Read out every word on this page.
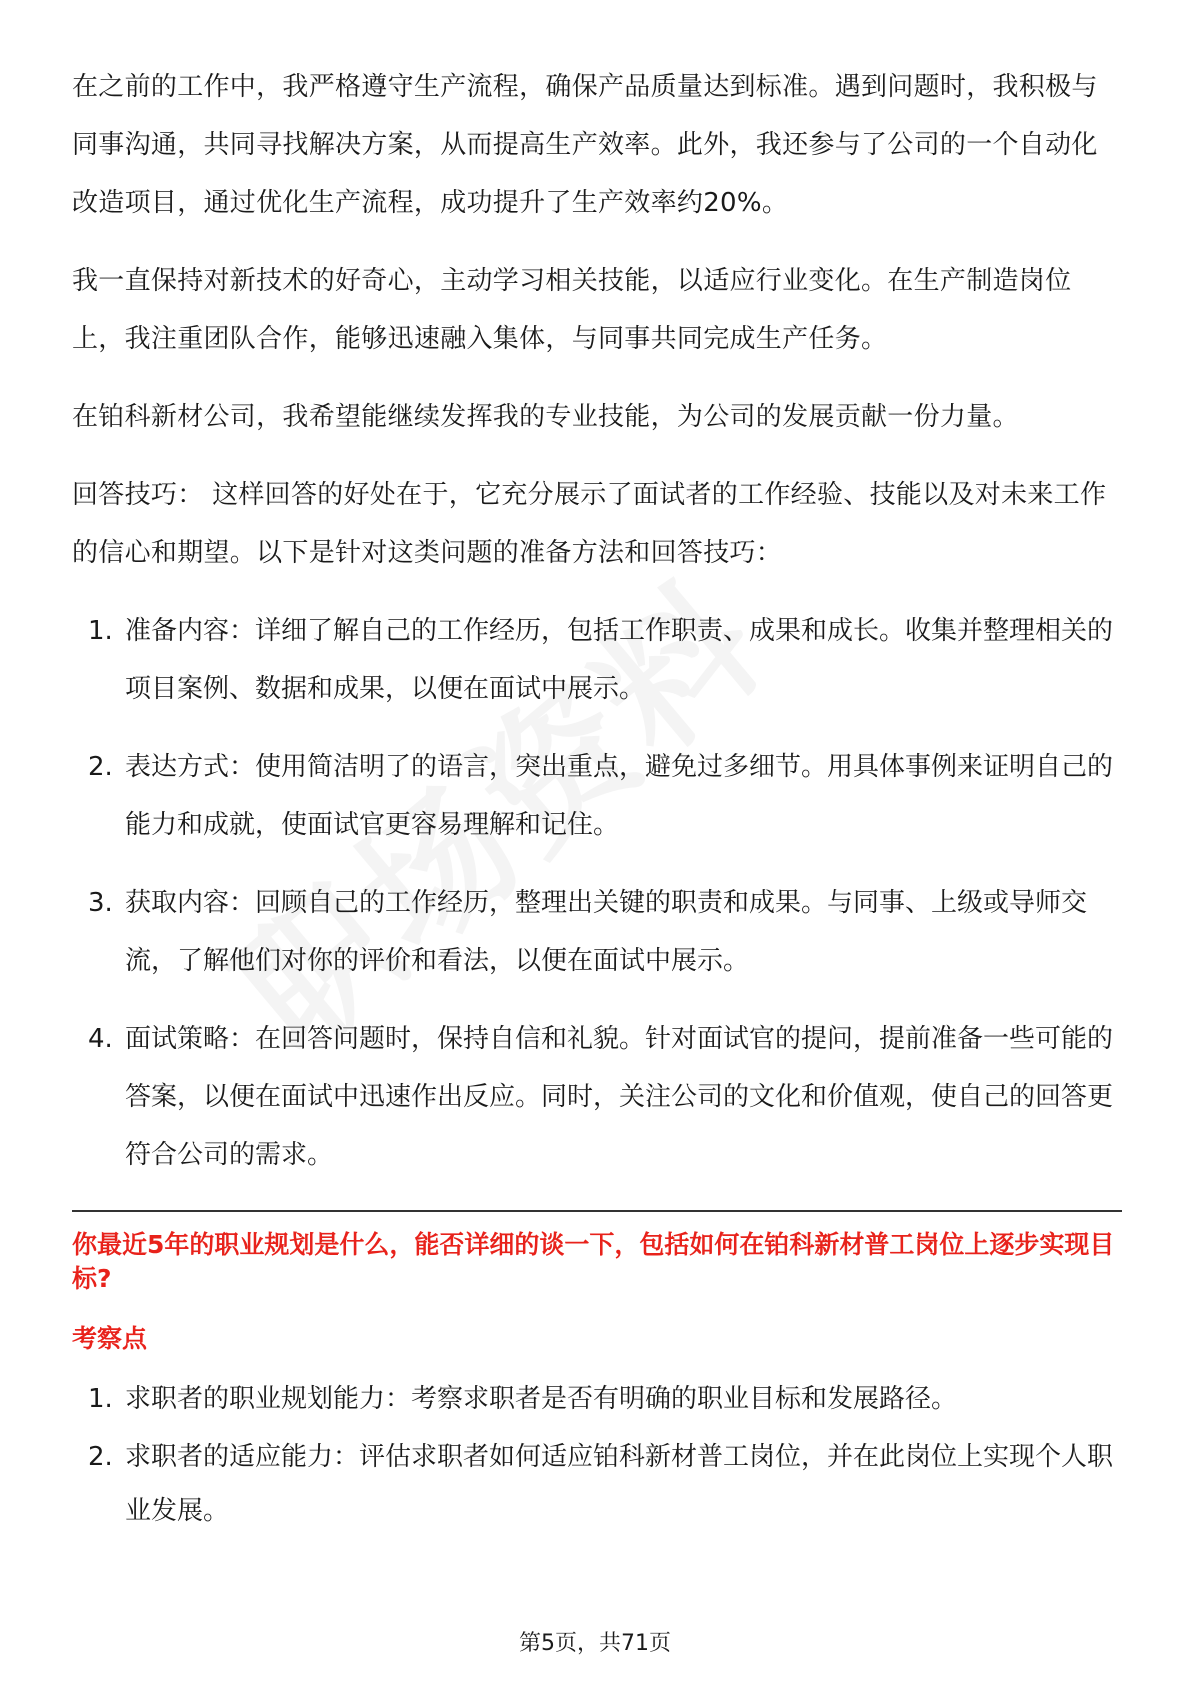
在之前的工作中，我严格遵守生产流程，确保产品质量达到标准。遇到问题时，我积极与同事沟通，共同寻找解决方案，从而提高生产效率。此外，我还参与了公司的一个自动化改造项目，通过优化生产流程，成功提升了生产效率约20%。

我一直保持对新技术的好奇心，主动学习相关技能，以适应行业变化。在生产制造岗位上，我注重团队合作，能够迅速融入集体，与同事共同完成生产任务。

在铂科新材公司，我希望能继续发挥我的专业技能，为公司的发展贡献一份力量。

回答技巧： 这样回答的好处在于，它充分展示了面试者的工作经验、技能以及对未来工作的信心和期望。以下是针对这类问题的准备方法和回答技巧：

1. 准备内容：详细了解自己的工作经历，包括工作职责、成果和成长。收集并整理相关的项目案例、数据和成果，以便在面试中展示。
2. 表达方式：使用简洁明了的语言，突出重点，避免过多细节。用具体事例来证明自己的能力和成就，使面试官更容易理解和记住。
3. 获取内容：回顾自己的工作经历，整理出关键的职责和成果。与同事、上级或导师交流，了解他们对你的评价和看法，以便在面试中展示。
4. 面试策略：在回答问题时，保持自信和礼貌。针对面试官的提问，提前准备一些可能的答案，以便在面试中迅速作出反应。同时，关注公司的文化和价值观，使自己的回答更符合公司的需求。
你最近5年的职业规划是什么，能否详细的谈一下，包括如何在铂科新材普工岗位上逐步实现目标?
考察点
1. 求职者的职业规划能力：考察求职者是否有明确的职业目标和发展路径。
2. 求职者的适应能力：评估求职者如何适应铂科新材普工岗位，并在此岗位上实现个人职业发展。
第5页，共71页
